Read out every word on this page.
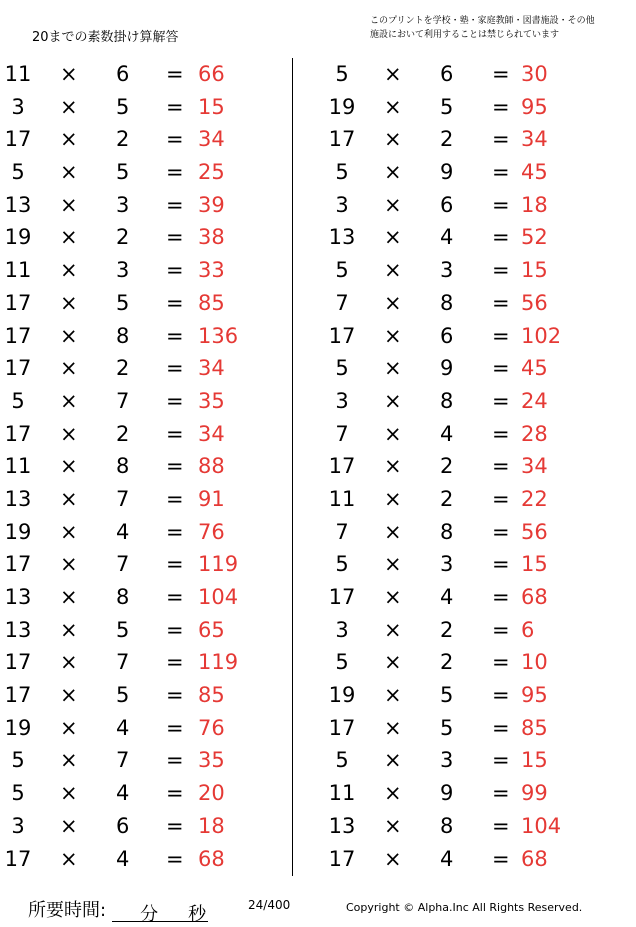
20までの素数掛け算解答
このプリントを学校・塾・家庭教師・図書施設・その他
施設において利用することは禁じられています
11 × 6 = 66
3	× 5 = 15
17 × 2 = 34
5	× 5 = 25
13 × 3 = 39
19 × 2 = 38
11 × 3 = 33
17 × 5 = 85
17 × 8 = 136
17 × 2 = 34
5	× 7 = 35
17 × 2 = 34
11 × 8 = 88
13 × 7 = 91
19 × 4 = 76
17 × 7 = 119
13 × 8 = 104
13 × 5 = 65
17 × 7 = 119
17 × 5 = 85
19 × 4 = 76
5	× 7 = 35
5	× 4 = 20
3	× 6 = 18
17 × 4 = 68
5	× 6 = 30
19 × 5 = 95
17 × 2 = 34
5	× 9 = 45
3	× 6 = 18
13 × 4 = 52
5	× 3 = 15
7	× 8 = 56
17 × 6 = 102
5	× 9 = 45
3	× 8 = 24
7	× 4 = 28
17 × 2 = 34
11 × 2 = 22
7	× 8 = 56
5	× 3 = 15
17 × 4 = 68
3	× 2 = 6
5	× 2 = 10
19 × 5 = 95
17 × 5 = 85
5	× 3 = 15
11 × 9 = 99
13 × 8 = 104
17 × 4 = 68
所要時間: 分 秒	24/400	Copyright © Alpha.Inc All Rights Reserved.
